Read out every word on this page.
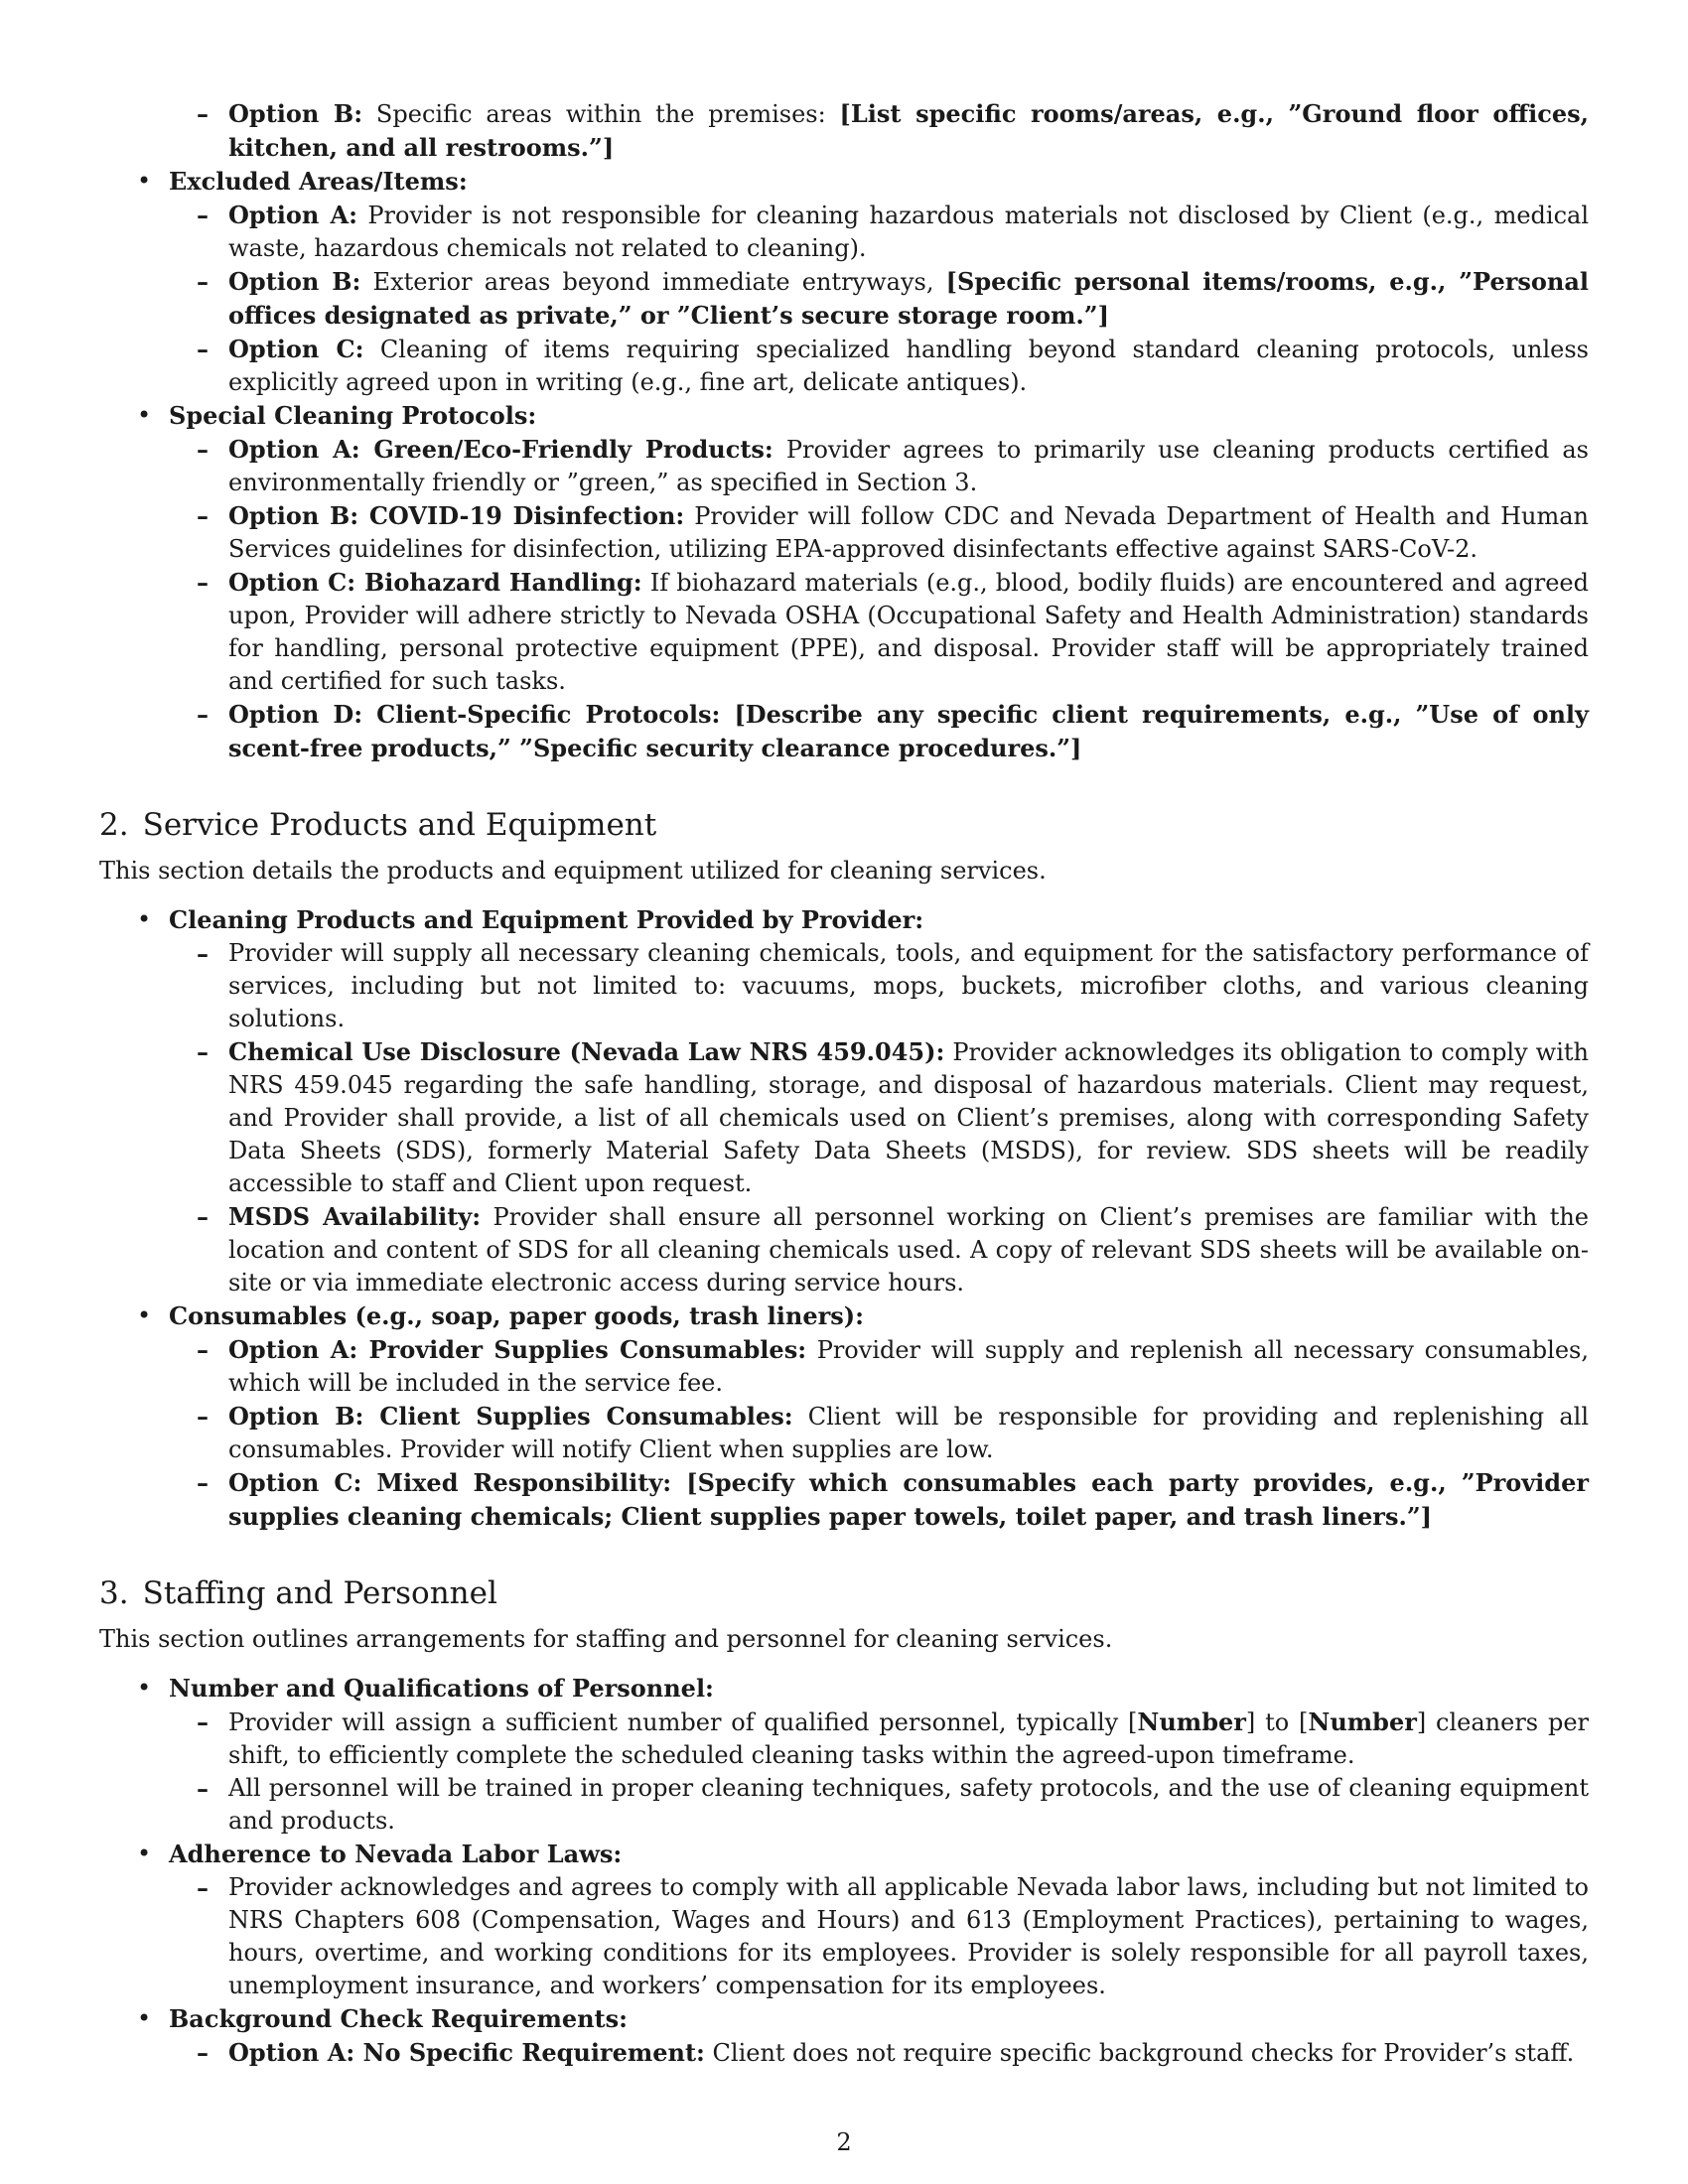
– Option B: Specific areas within the premises: [List specific rooms/areas, e.g., ”Ground floor offices, kitchen, and all restrooms.”]
• Excluded Areas/Items:
– Option A: Provider is not responsible for cleaning hazardous materials not disclosed by Client (e.g., medical waste, hazardous chemicals not related to cleaning).
– Option B: Exterior areas beyond immediate entryways, [Specific personal items/rooms, e.g., ”Personal offices designated as private,” or ”Client’s secure storage room.”]
– Option C: Cleaning of items requiring specialized handling beyond standard cleaning protocols, unless explicitly agreed upon in writing (e.g., fine art, delicate antiques).
• Special Cleaning Protocols:
– Option A: Green/Eco-Friendly Products: Provider agrees to primarily use cleaning products certified as environmentally friendly or ”green,” as specified in Section 3.
– Option B: COVID-19 Disinfection: Provider will follow CDC and Nevada Department of Health and Human Services guidelines for disinfection, utilizing EPA-approved disinfectants effective against SARS-CoV-2.
– Option C: Biohazard Handling: If biohazard materials (e.g., blood, bodily fluids) are encountered and agreed upon, Provider will adhere strictly to Nevada OSHA (Occupational Safety and Health Administration) standards for handling, personal protective equipment (PPE), and disposal. Provider staff will be appropriately trained and certified for such tasks.
– Option D: Client-Specific Protocols: [Describe any specific client requirements, e.g., ”Use of only scent-free products,” ”Specific security clearance procedures.”]
2. Service Products and Equipment

This section details the products and equipment utilized for cleaning services.

• Cleaning Products and Equipment Provided by Provider:
– Provider will supply all necessary cleaning chemicals, tools, and equipment for the satisfactory performance of services, including but not limited to: vacuums, mops, buckets, microfiber cloths, and various cleaning solutions.
– Chemical Use Disclosure (Nevada Law NRS 459.045): Provider acknowledges its obligation to comply with NRS 459.045 regarding the safe handling, storage, and disposal of hazardous materials. Client may request, and Provider shall provide, a list of all chemicals used on Client’s premises, along with corresponding Safety Data Sheets (SDS), formerly Material Safety Data Sheets (MSDS), for review. SDS sheets will be readily accessible to staff and Client upon request.
– MSDS Availability: Provider shall ensure all personnel working on Client’s premises are familiar with the location and content of SDS for all cleaning chemicals used. A copy of relevant SDS sheets will be available on-site or via immediate electronic access during service hours.
• Consumables (e.g., soap, paper goods, trash liners):
– Option A: Provider Supplies Consumables: Provider will supply and replenish all necessary consumables, which will be included in the service fee.
– Option B: Client Supplies Consumables: Client will be responsible for providing and replenishing all consumables. Provider will notify Client when supplies are low.
– Option C: Mixed Responsibility: [Specify which consumables each party provides, e.g., ”Provider supplies cleaning chemicals; Client supplies paper towels, toilet paper, and trash liners.”]
3. Staffing and Personnel

This section outlines arrangements for staffing and personnel for cleaning services.

• Number and Qualifications of Personnel:
– Provider will assign a sufficient number of qualified personnel, typically [Number] to [Number] cleaners per shift, to efficiently complete the scheduled cleaning tasks within the agreed-upon timeframe.
– All personnel will be trained in proper cleaning techniques, safety protocols, and the use of cleaning equipment and products.
• Adherence to Nevada Labor Laws:
– Provider acknowledges and agrees to comply with all applicable Nevada labor laws, including but not limited to NRS Chapters 608 (Compensation, Wages and Hours) and 613 (Employment Practices), pertaining to wages, hours, overtime, and working conditions for its employees. Provider is solely responsible for all payroll taxes, unemployment insurance, and workers’ compensation for its employees.
• Background Check Requirements:
– Option A: No Specific Requirement: Client does not require specific background checks for Provider’s staff.
2
